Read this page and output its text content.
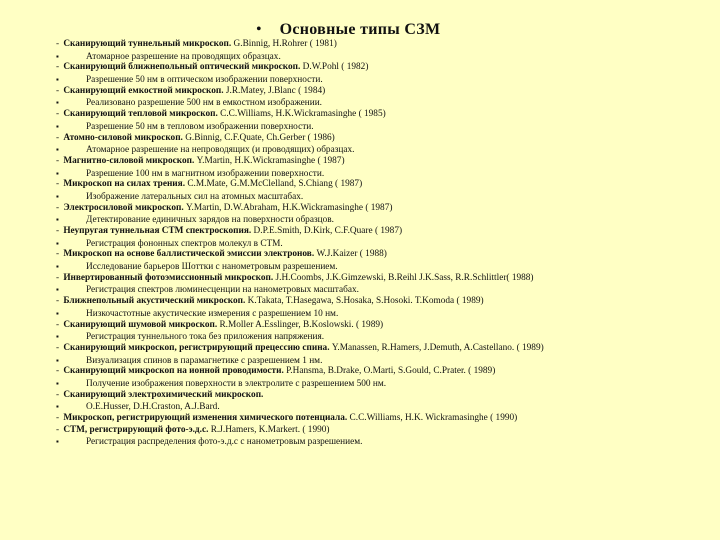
• Основные типы СЗМ
- Сканирующий туннельный микроскоп. G.Binnig, H.Rohrer ( 1981)
▪	Атомарное разрешение на проводящих образцах.
- Сканирующий ближнепольный оптический микроскоп. D.W.Pohl ( 1982)
▪	Разрешение 50 нм в оптическом изображении поверхности.
- Сканирующий емкостной микроскоп. J.R.Matey, J.Blanc ( 1984)
▪	Реализовано разрешение 500 нм в емкостном изображении.
- Сканирующий тепловой микроскоп. C.C.Williams, H.K.Wickramasinghe ( 1985)
▪	Разрешение 50 нм в тепловом изображении поверхности.
- Атомно-силовой микроскоп. G.Binnig, C.F.Quate, Ch.Gerber ( 1986)
▪	Атомарное разрешение на непроводящих (и проводящих) образцах.
- Магнитно-силовой микроскоп. Y.Martin, H.K.Wickramasinghe ( 1987)
▪	Разрешение 100 нм в магнитном изображении поверхности.
- Микроскоп на силах трения. C.M.Mate, G.M.McClelland, S.Chiang ( 1987)
▪	Изображение латеральных сил на атомных масштабах.
- Электросиловой микроскоп. Y.Martin, D.W.Abraham, H.K.Wickramasinghe ( 1987)
▪	Детектирование единичных зарядов на поверхности образцов.
- Неупругая туннельная СТМ спектроскопия. D.P.E.Smith, D.Kirk, C.F.Quare ( 1987)
▪	Регистрация фононных спектров молекул в СТМ.
- Микроскоп на основе баллистической эмиссии электронов. W.J.Kaizer ( 1988)
▪	Исследование барьеров Шоттки с нанометровым разрешением.
- Инвертированный фотоэмиссионный микроскоп. J.H.Coombs, J.K.Gimzewski, B.Reihl J.K.Sass, R.R.Schlittler( 1988)
▪	Регистрация спектров люминесценции на нанометровых масштабах.
- Ближнепольный акустический микроскоп. K.Takata, T.Hasegawa, S.Hosaka, S.Hosoki. T.Komoda ( 1989)
▪	Низкочастотные акустические измерения с разрешением 10 нм.
- Сканирующий шумовой микроскоп. R.Moller A.Esslinger, B.Koslowski. ( 1989)
▪	Регистрация туннельного тока без приложения напряжения.
- Сканирующий микроскоп, регистрирующий прецессию спина. Y.Manassen, R.Hamers, J.Demuth, A.Castellano. ( 1989)
▪	Визуализация спинов в парамагнетике с разрешением 1 нм.
- Сканирующий микроскоп на ионной проводимости. P.Hansma, B.Drake, O.Marti, S.Gould, C.Prater. ( 1989)
▪	Получение изображения поверхности в электролите с разрешением 500 нм.
- Сканирующий электрохимический микроскоп.
▪	O.E.Husser, D.H.Craston, A.J.Bard.
- Микроскоп, регистрирующий изменения химического потенциала. C.C.Williams, H.K. Wickramasinghe ( 1990)
- СТМ, регистрирующий фото-э.д.с. R.J.Hamers, K.Markert. ( 1990)
▪	Регистрация распределения фото-э.д.с с нанометровым разрешением.
